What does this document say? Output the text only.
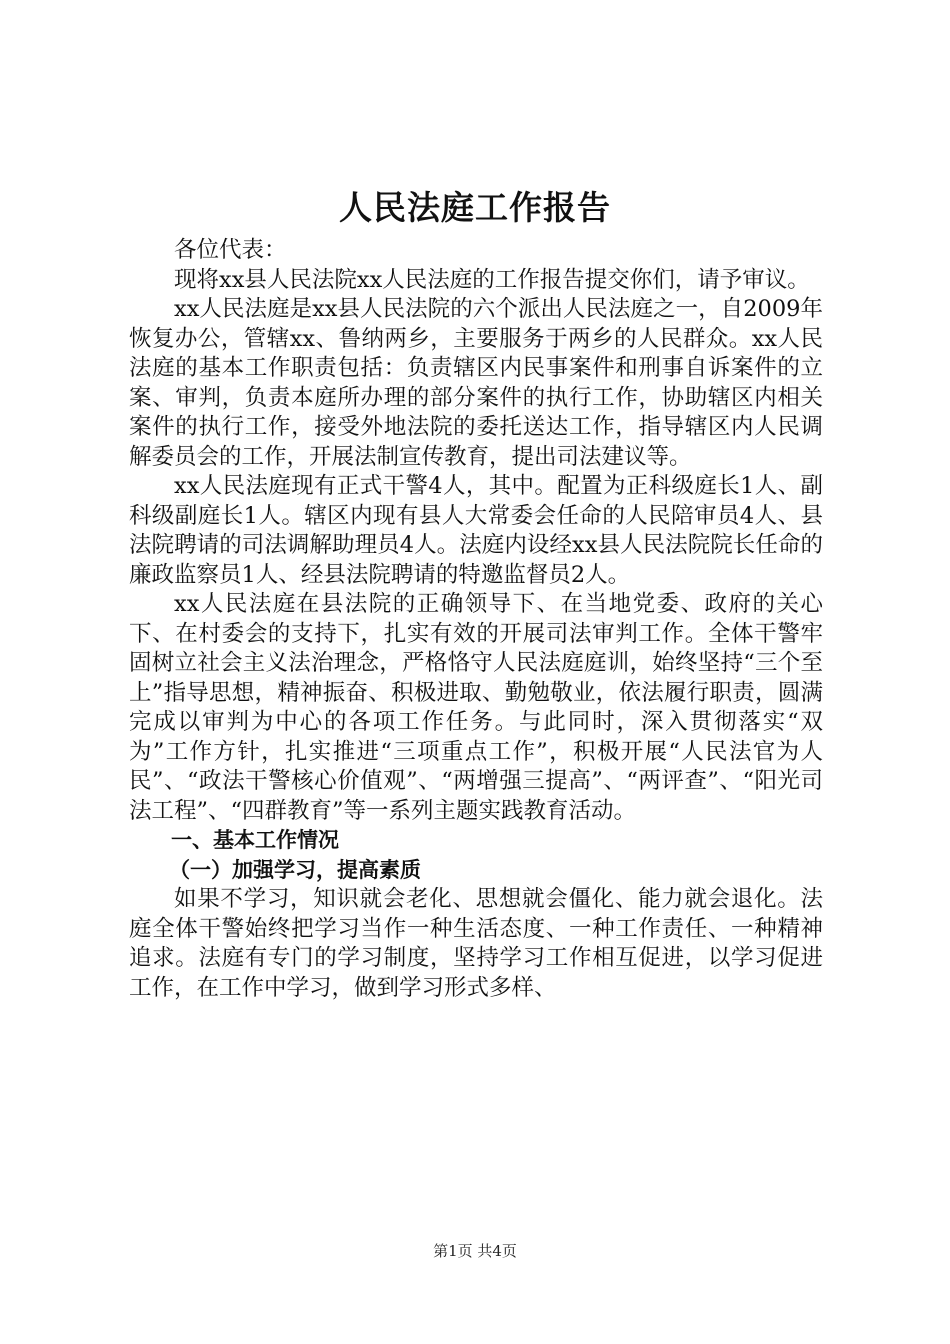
人民法庭工作报告

各位代表：

现将xx县人民法院xx人民法庭的工作报告提交你们，请予审议。

xx人民法庭是xx县人民法院的六个派出人民法庭之一，自2009年恢复办公，管辖xx、鲁纳两乡，主要服务于两乡的人民群众。xx人民法庭的基本工作职责包括：负责辖区内民事案件和刑事自诉案件的立案、审判，负责本庭所办理的部分案件的执行工作，协助辖区内相关案件的执行工作，接受外地法院的委托送达工作，指导辖区内人民调解委员会的工作，开展法制宣传教育，提出司法建议等。

xx人民法庭现有正式干警4人，其中。配置为正科级庭长1人、副科级副庭长1人。辖区内现有县人大常委会任命的人民陪审员4人、县法院聘请的司法调解助理员4人。法庭内设经xx县人民法院院长任命的廉政监察员1人、经县法院聘请的特邀监督员2人。

xx人民法庭在县法院的正确领导下、在当地党委、政府的关心下、在村委会的支持下，扎实有效的开展司法审判工作。全体干警牢固树立社会主义法治理念，严格恪守人民法庭庭训，始终坚持“三个至上”指导思想，精神振奋、积极进取、勤勉敬业，依法履行职责，圆满完成以审判为中心的各项工作任务。与此同时，深入贯彻落实“双为”工作方针，扎实推进“三项重点工作”，积极开展“人民法官为人民”、“政法干警核心价值观”、“两增强三提高”、“两评查”、“阳光司法工程”、“四群教育”等一系列主题实践教育活动。

一、基本工作情况

（一）加强学习，提高素质

如果不学习，知识就会老化、思想就会僵化、能力就会退化。法庭全体干警始终把学习当作一种生活态度、一种工作责任、一种精神追求。法庭有专门的学习制度，坚持学习工作相互促进，以学习促进工作，在工作中学习，做到学习形式多样、

第1页 共4页
